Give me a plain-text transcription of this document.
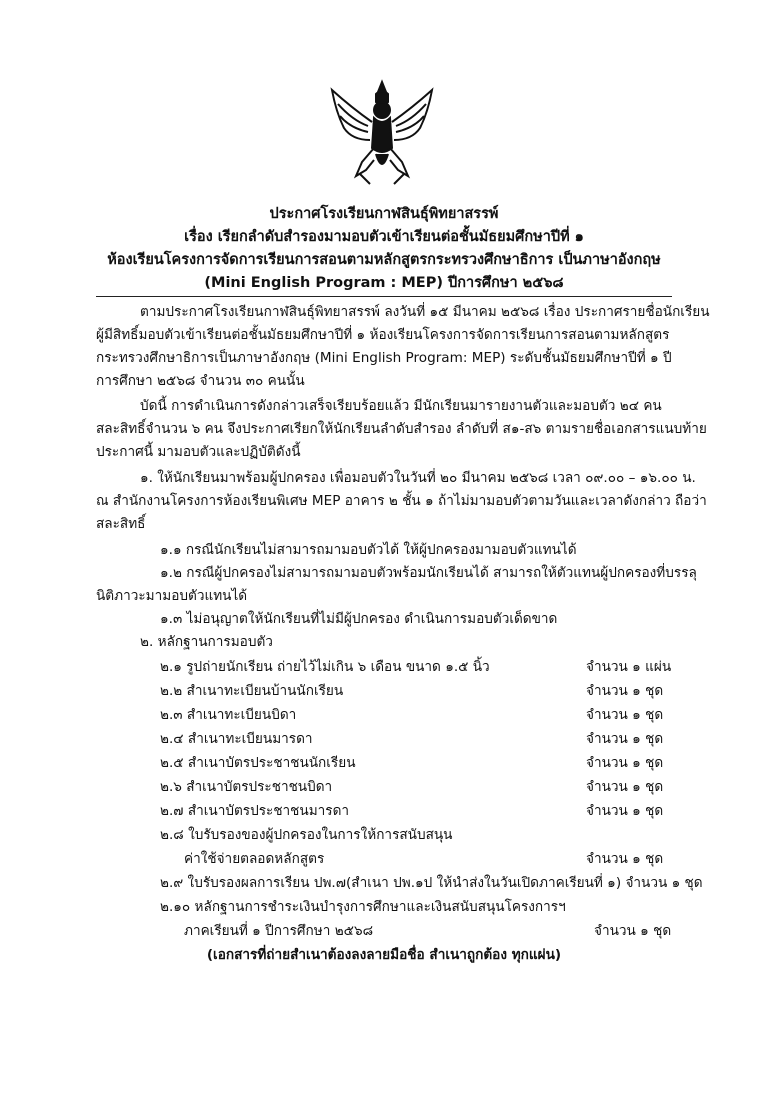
ประกาศโรงเรียนกาฬสินธุ์พิทยาสรรพ์
เรื่อง เรียกลำดับสำรองมามอบตัวเข้าเรียนต่อชั้นมัธยมศึกษาปีที่ ๑
ห้องเรียนโครงการจัดการเรียนการสอนตามหลักสูตรกระทรวงศึกษาธิการ เป็นภาษาอังกฤษ
(Mini English Program : MEP) ปีการศึกษา ๒๕๖๘
ตามประกาศโรงเรียนกาฬสินธุ์พิทยาสรรพ์ ลงวันที่ ๑๕ มีนาคม ๒๕๖๘ เรื่อง ประกาศรายชื่อนักเรียน
ผู้มีสิทธิ์มอบตัวเข้าเรียนต่อชั้นมัธยมศึกษาปีที่ ๑ ห้องเรียนโครงการจัดการเรียนการสอนตามหลักสูตร
กระทรวงศึกษาธิการเป็นภาษาอังกฤษ (Mini English Program: MEP) ระดับชั้นมัธยมศึกษาปีที่ ๑ ปี
การศึกษา ๒๕๖๘ จำนวน ๓๐ คนนั้น
บัดนี้ การดำเนินการดังกล่าวเสร็จเรียบร้อยแล้ว มีนักเรียนมารายงานตัวและมอบตัว ๒๔ คน
สละสิทธิ์จำนวน ๖ คน จึงประกาศเรียกให้นักเรียนลำดับสำรอง ลำดับที่ ส๑-ส๖ ตามรายชื่อเอกสารแนบท้าย
ประกาศนี้ มามอบตัวและปฏิบัติดังนี้
๑. ให้นักเรียนมาพร้อมผู้ปกครอง เพื่อมอบตัวในวันที่ ๒๐ มีนาคม ๒๕๖๘ เวลา ๐๙.๐๐ – ๑๖.๐๐ น.
ณ สำนักงานโครงการห้องเรียนพิเศษ MEP อาคาร ๒ ชั้น ๑ ถ้าไม่มามอบตัวตามวันและเวลาดังกล่าว ถือว่า
สละสิทธิ์
๑.๑ กรณีนักเรียนไม่สามารถมามอบตัวได้ ให้ผู้ปกครองมามอบตัวแทนได้
๑.๒ กรณีผู้ปกครองไม่สามารถมามอบตัวพร้อมนักเรียนได้ สามารถให้ตัวแทนผู้ปกครองที่บรรลุ
นิติภาวะมามอบตัวแทนได้
๑.๓ ไม่อนุญาตให้นักเรียนที่ไม่มีผู้ปกครอง ดำเนินการมอบตัวเด็ดขาด
๒. หลักฐานการมอบตัว
๒.๑ รูปถ่ายนักเรียน ถ่ายไว้ไม่เกิน ๖ เดือน ขนาด ๑.๕ นิ้ว	จำนวน ๑ แผ่น
๒.๒ สำเนาทะเบียนบ้านนักเรียน	จำนวน ๑ ชุด
๒.๓ สำเนาทะเบียนบิดา	จำนวน ๑ ชุด
๒.๔ สำเนาทะเบียนมารดา	จำนวน ๑ ชุด
๒.๕ สำเนาบัตรประชาชนนักเรียน	จำนวน ๑ ชุด
๒.๖ สำเนาบัตรประชาชนบิดา	จำนวน ๑ ชุด
๒.๗ สำเนาบัตรประชาชนมารดา	จำนวน ๑ ชุด
๒.๘ ใบรับรองของผู้ปกครองในการให้การสนับสนุน
ค่าใช้จ่ายตลอดหลักสูตร	จำนวน ๑ ชุด
๒.๙ ใบรับรองผลการเรียน ปพ.๗(สำเนา ปพ.๑ป ให้นำส่งในวันเปิดภาคเรียนที่ ๑) จำนวน ๑ ชุด
๒.๑๐ หลักฐานการชำระเงินบำรุงการศึกษาและเงินสนับสนุนโครงการฯ
ภาคเรียนที่ ๑ ปีการศึกษา ๒๕๖๘	จำนวน ๑ ชุด
(เอกสารที่ถ่ายสำเนาต้องลงลายมือชื่อ สำเนาถูกต้อง ทุกแผ่น)
